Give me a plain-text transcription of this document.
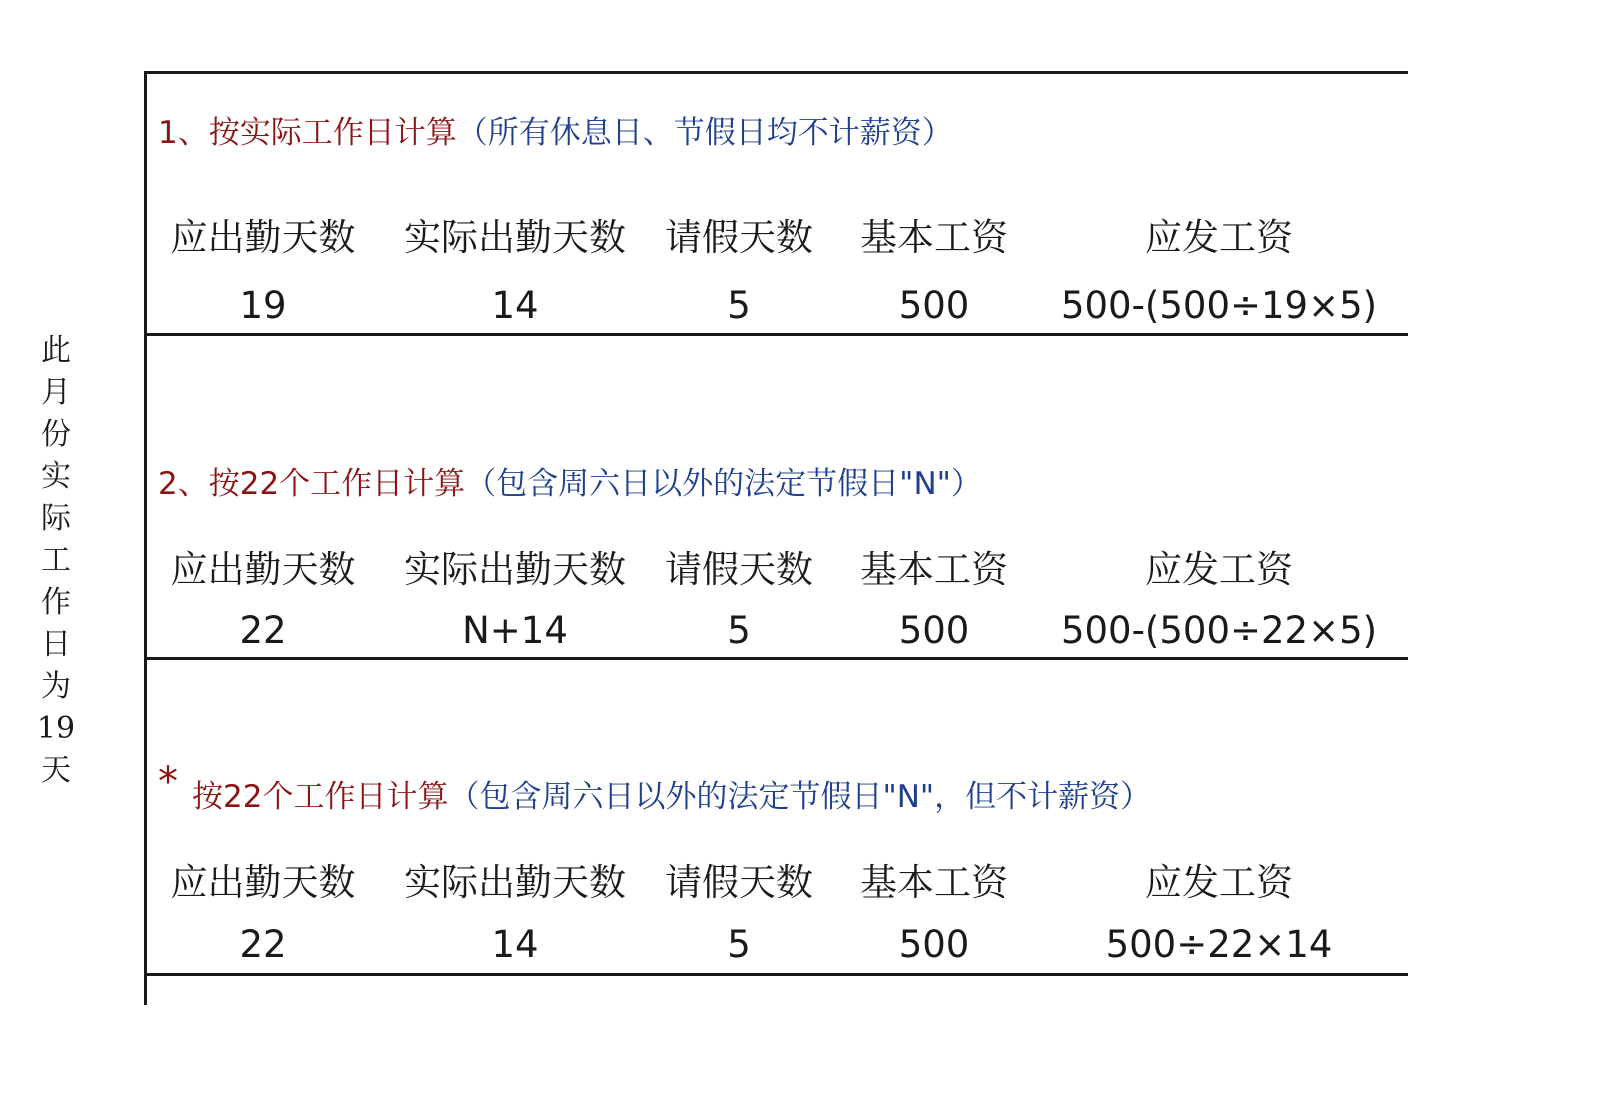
此
月
份
实
际
工
作
日
为
19
天
1、按实际工作日计算（所有休息日、节假日均不计薪资）
应出勤天数 实际出勤天数 请假天数 基本工资	应发工资
19	14	5	500	500-(500÷19×5)
2、按22个工作日计算（包含周六日以外的法定节假日"N"）
应出勤天数 实际出勤天数 请假天数 基本工资	应发工资
22	N+14	5	500	500-(500÷22×5)
* 按22个工作日计算（包含周六日以外的法定节假日"N"，但不计薪资）
应出勤天数 实际出勤天数 请假天数 基本工资	应发工资
22	14	5	500	500÷22×14
